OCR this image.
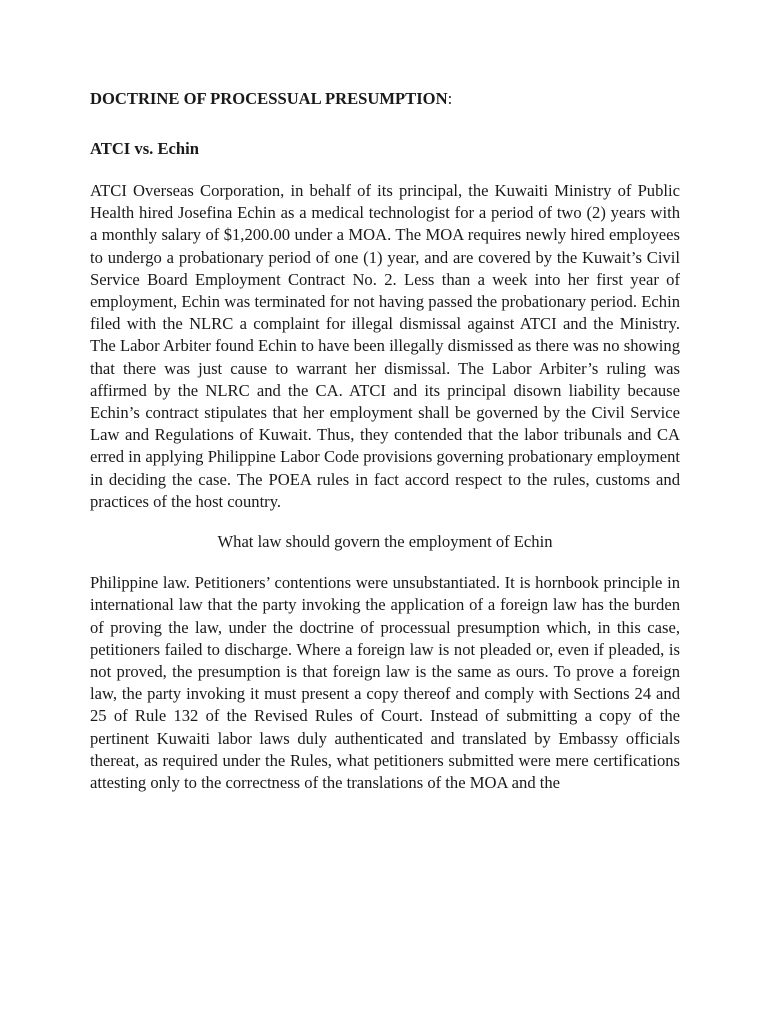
DOCTRINE OF PROCESSUAL PRESUMPTION:

ATCI vs. Echin

ATCI Overseas Corporation, in behalf of its principal, the Kuwaiti Ministry of Public Health hired Josefina Echin as a medical technologist for a period of two (2) years with a monthly salary of $1,200.00 under a MOA. The MOA requires newly hired employees to undergo a probationary period of one (1) year, and are covered by the Kuwait’s Civil Service Board Employment Contract No. 2. Less than a week into her first year of employment, Echin was terminated for not having passed the probationary period. Echin filed with the NLRC a complaint for illegal dismissal against ATCI and the Ministry. The Labor Arbiter found Echin to have been illegally dismissed as there was no showing that there was just cause to warrant her dismissal. The Labor Arbiter’s ruling was affirmed by the NLRC and the CA. ATCI and its principal disown liability because Echin’s contract stipulates that her employment shall be governed by the Civil Service Law and Regulations of Kuwait. Thus, they contended that the labor tribunals and CA erred in applying Philippine Labor Code provisions governing probationary employment in deciding the case. The POEA rules in fact accord respect to the rules, customs and practices of the host country.

What law should govern the employment of Echin

Philippine law. Petitioners’ contentions were unsubstantiated. It is hornbook principle in international law that the party invoking the application of a foreign law has the burden of proving the law, under the doctrine of processual presumption which, in this case, petitioners failed to discharge. Where a foreign law is not pleaded or, even if pleaded, is not proved, the presumption is that foreign law is the same as ours. To prove a foreign law, the party invoking it must present a copy thereof and comply with Sections 24 and 25 of Rule 132 of the Revised Rules of Court. Instead of submitting a copy of the pertinent Kuwaiti labor laws duly authenticated and translated by Embassy officials thereat, as required under the Rules, what petitioners submitted were mere certifications attesting only to the correctness of the translations of the MOA and the
